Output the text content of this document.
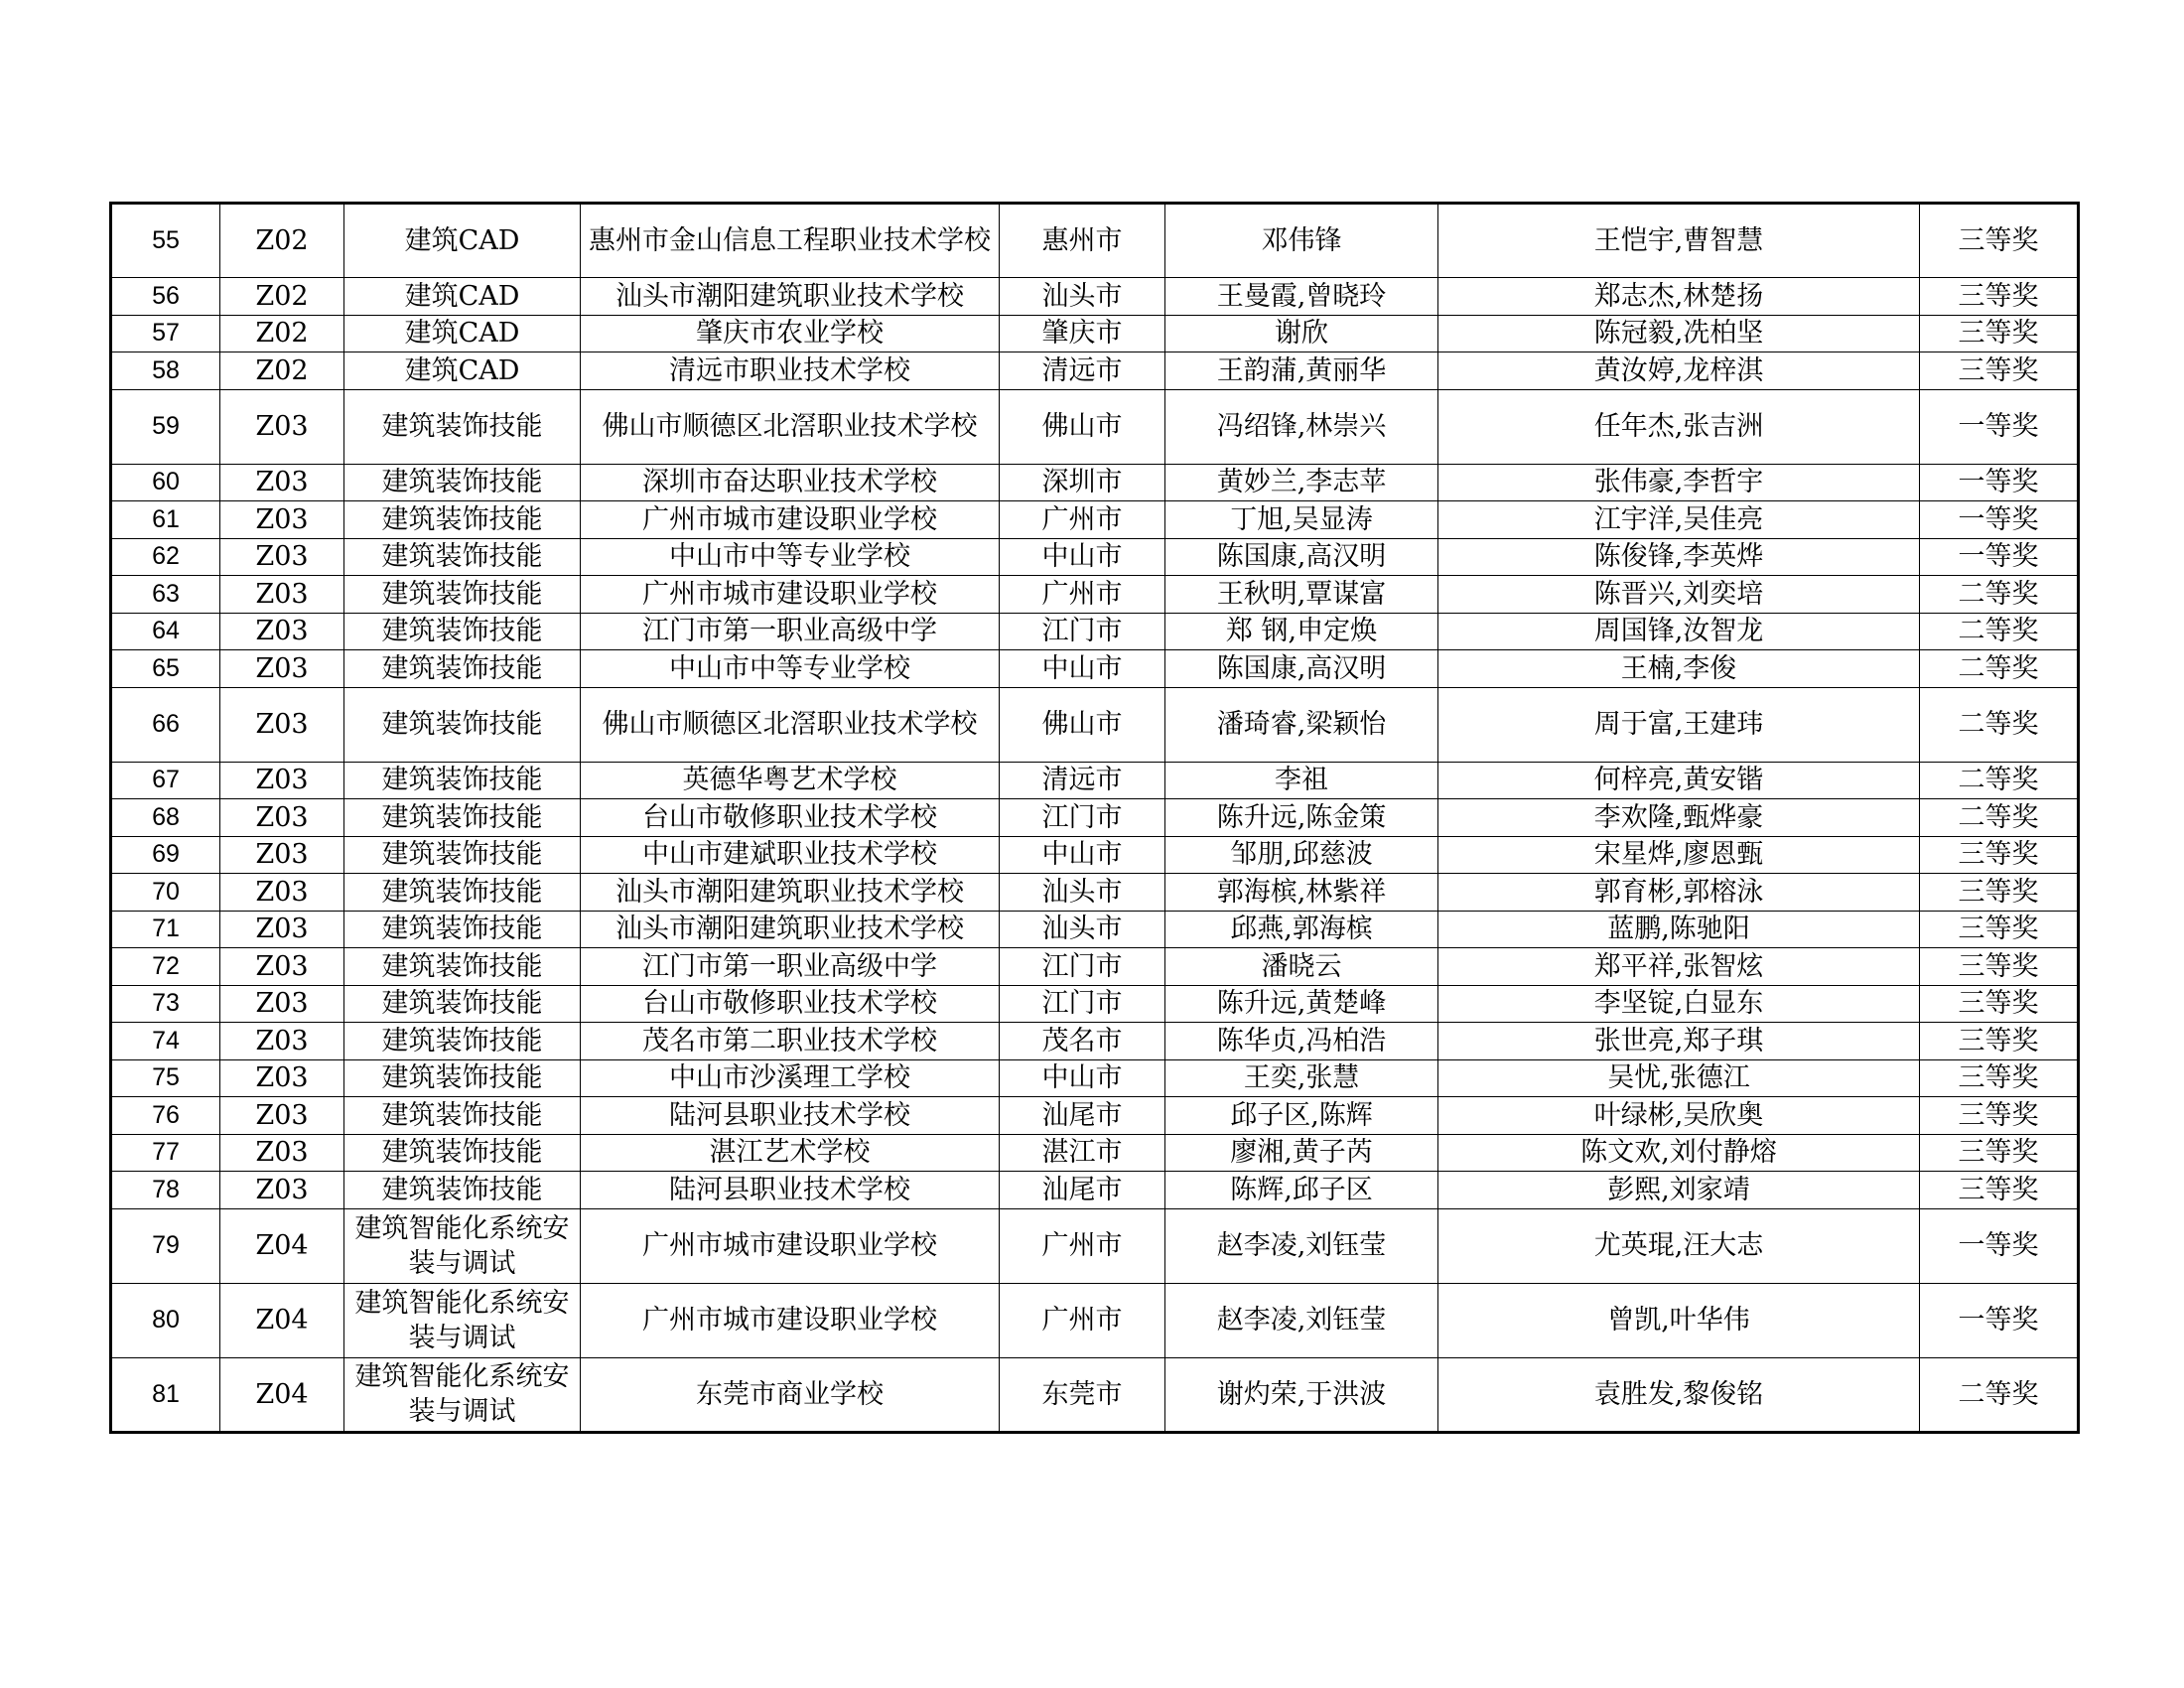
55	Z02	建筑CAD	惠州市金山信息工程职业技术学校	惠州市	邓伟锋	王恺宇,曹智慧	三等奖
56	Z02	建筑CAD	汕头市潮阳建筑职业技术学校	汕头市	王曼霞,曾晓玲	郑志杰,林楚扬	三等奖
57	Z02	建筑CAD	肇庆市农业学校	肇庆市	谢欣	陈冠毅,冼柏坚	三等奖
58	Z02	建筑CAD	清远市职业技术学校	清远市	王韵蒲,黄丽华	黄汝婷,龙梓淇	三等奖
59	Z03	建筑装饰技能	佛山市顺德区北滘职业技术学校	佛山市	冯绍锋,林崇兴	任年杰,张吉洲	一等奖
60	Z03	建筑装饰技能	深圳市奋达职业技术学校	深圳市	黄妙兰,李志苹	张伟豪,李哲宇	一等奖
61	Z03	建筑装饰技能	广州市城市建设职业学校	广州市	丁旭,吴显涛	江宇洋,吴佳亮	一等奖
62	Z03	建筑装饰技能	中山市中等专业学校	中山市	陈国康,高汉明	陈俊锋,李英烨	一等奖
63	Z03	建筑装饰技能	广州市城市建设职业学校	广州市	王秋明,覃谋富	陈晋兴,刘奕培	二等奖
64	Z03	建筑装饰技能	江门市第一职业高级中学	江门市	郑 钢,申定焕	周国锋,汝智龙	二等奖
65	Z03	建筑装饰技能	中山市中等专业学校	中山市	陈国康,高汉明	王楠,李俊	二等奖
66	Z03	建筑装饰技能	佛山市顺德区北滘职业技术学校	佛山市	潘琦睿,梁颖怡	周于富,王建玮	二等奖
67	Z03	建筑装饰技能	英德华粤艺术学校	清远市	李祖	何梓亮,黄安锴	二等奖
68	Z03	建筑装饰技能	台山市敬修职业技术学校	江门市	陈升远,陈金策	李欢隆,甄烨豪	二等奖
69	Z03	建筑装饰技能	中山市建斌职业技术学校	中山市	邹朋,邱慈波	宋星烨,廖恩甄	三等奖
70	Z03	建筑装饰技能	汕头市潮阳建筑职业技术学校	汕头市	郭海槟,林紫祥	郭育彬,郭榕泳	三等奖
71	Z03	建筑装饰技能	汕头市潮阳建筑职业技术学校	汕头市	邱燕,郭海槟	蓝鹏,陈驰阳	三等奖
72	Z03	建筑装饰技能	江门市第一职业高级中学	江门市	潘晓云	郑平祥,张智炫	三等奖
73	Z03	建筑装饰技能	台山市敬修职业技术学校	江门市	陈升远,黄楚峰	李坚锭,白显东	三等奖
74	Z03	建筑装饰技能	茂名市第二职业技术学校	茂名市	陈华贞,冯柏浩	张世亮,郑子琪	三等奖
75	Z03	建筑装饰技能	中山市沙溪理工学校	中山市	王奕,张慧	吴忧,张德江	三等奖
76	Z03	建筑装饰技能	陆河县职业技术学校	汕尾市	邱子区,陈辉	叶绿彬,吴欣奥	三等奖
77	Z03	建筑装饰技能	湛江艺术学校	湛江市	廖湘,黄子芮	陈文欢,刘付静熔	三等奖
78	Z03	建筑装饰技能	陆河县职业技术学校	汕尾市	陈辉,邱子区	彭熙,刘家靖	三等奖
79	Z04	建筑智能化系统安装与调试	广州市城市建设职业学校	广州市	赵李凌,刘钰莹	尤英琨,汪大志	一等奖
80	Z04	建筑智能化系统安装与调试	广州市城市建设职业学校	广州市	赵李凌,刘钰莹	曾凯,叶华伟	一等奖
81	Z04	建筑智能化系统安装与调试	东莞市商业学校	东莞市	谢灼荣,于洪波	袁胜发,黎俊铭	二等奖
